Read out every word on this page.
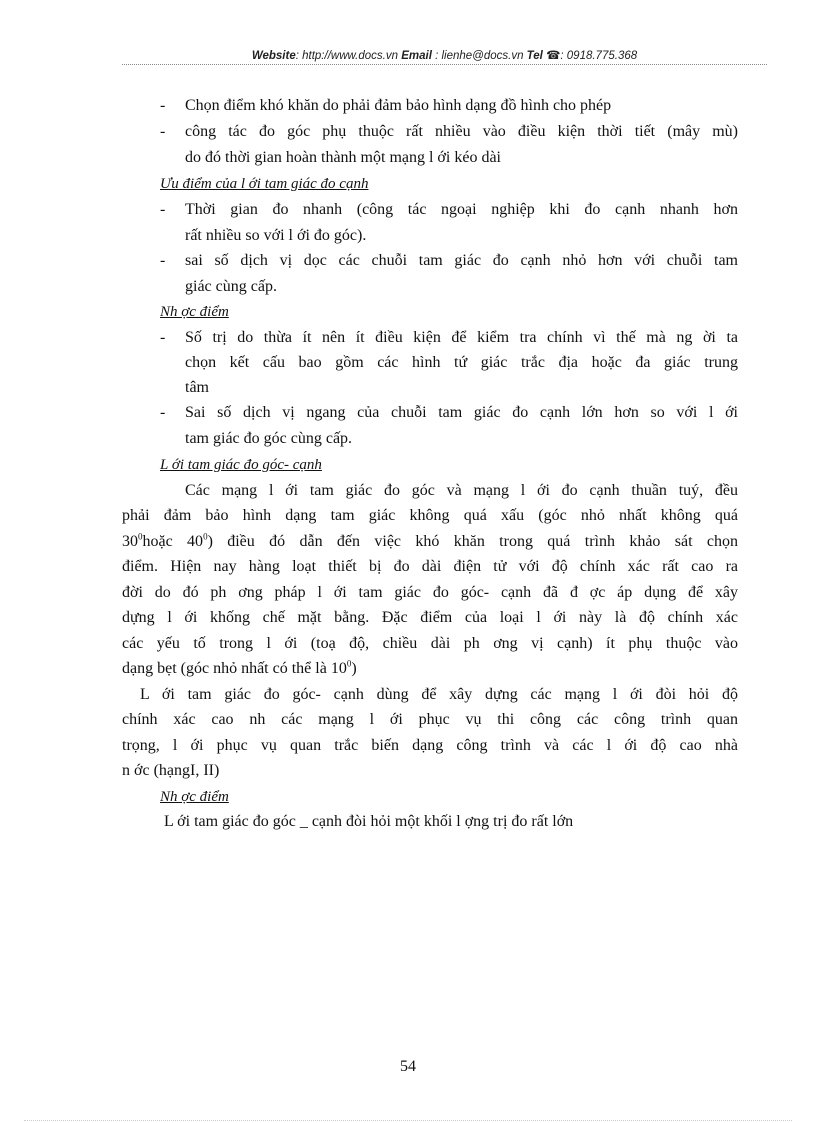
Website: http://www.docs.vn Email : lienhe@docs.vn Tel ☎: 0918.775.368
- Chọn điểm khó khăn do phải đảm bảo hình dạng đồ hình cho phép
- công tác đo góc phụ thuộc rất nhiều vào điều kiện thời tiết (mây mù)
do đó thời gian hoàn thành một mạng l ới kéo dài
Ưu điểm của l ới tam giác đo cạnh
- Thời gian đo nhanh (công tác ngoại nghiệp khi đo cạnh nhanh hơn
rất nhiều so với l ới đo góc).
- sai số dịch vị dọc các chuỗi tam giác đo cạnh nhỏ hơn với chuỗi tam
giác cùng cấp.
Nh ợc điểm
- Số trị do thừa ít nên ít điều kiện để kiểm tra chính vì thế mà ng ời ta
chọn kết cấu bao gồm các hình tứ giác trắc địa hoặc đa giác trung
tâm
- Sai số dịch vị ngang của chuỗi tam giác đo cạnh lớn hơn so với l ới
tam giác đo góc cùng cấp.
L ới tam giác đo góc- cạnh
Các mạng l ới tam giác đo góc và mạng l ới đo cạnh thuần tuý, đều
phải đảm bảo hình dạng tam giác không quá xấu (góc nhỏ nhất không quá
$30^0hoặc$ $40^0$) điều đó dẫn đến việc khó khăn trong quá trình khảo sát chọn
điểm. Hiện nay hàng loạt thiết bị đo dài điện tử với độ chính xác rất cao ra
đời do đó ph ơng pháp l ới tam giác đo góc- cạnh đã đ ợc áp dụng để xây
dựng l ới khống chế mặt bằng. Đặc điểm của loại l ới này là độ chính xác
các yếu tố trong l ới (toạ độ, chiều dài ph ơng vị cạnh) ít phụ thuộc vào
dạng bẹt (góc nhỏ nhất có thể là $10^0$)
L ới tam giác đo góc- cạnh dùng để xây dựng các mạng l ới đòi hỏi độ
chính xác cao nh các mạng l ới phục vụ thi công các công trình quan
trọng, l ới phục vụ quan trắc biến dạng công trình và các l ới độ cao nhà
n ớc (hạngI, II)
Nh ợc điểm
L ới tam giác đo góc _ cạnh đòi hỏi một khối l ợng trị đo rất lớn
54
